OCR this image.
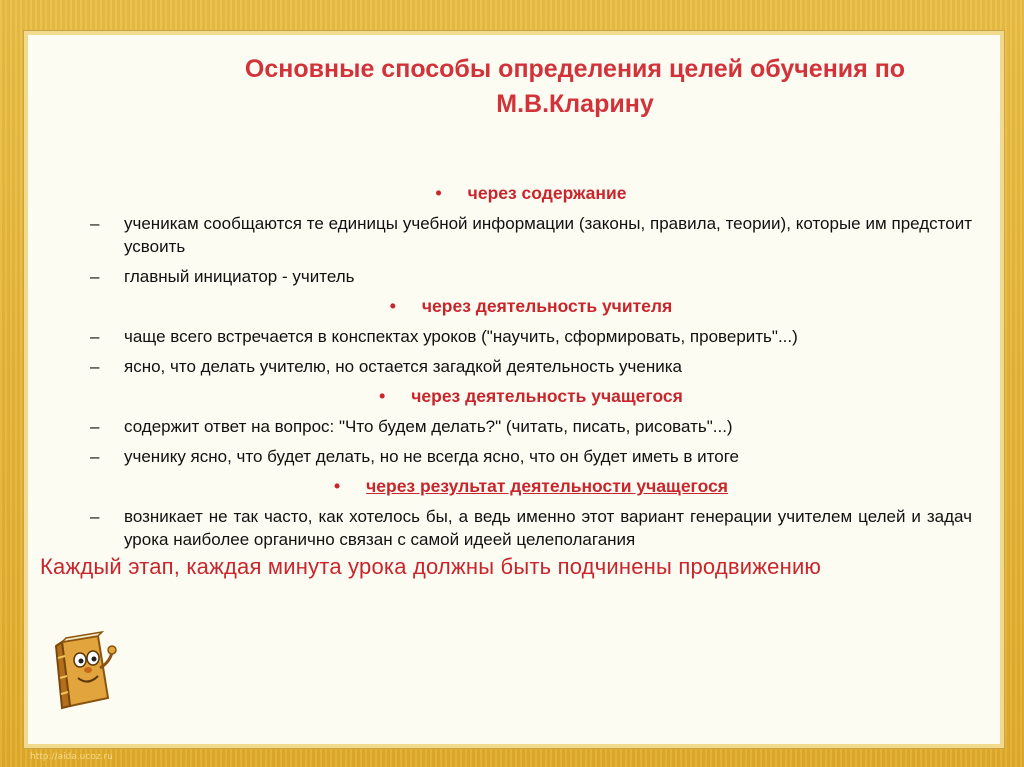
Основные способы определения целей обучения по М.В.Кларину
• через содержание
–	ученикам сообщаются те единицы учебной информации (законы, правила, теории), которые им предстоит усвоить
–	главный инициатор - учитель
• через деятельность учителя
–	чаще всего встречается в конспектах уроков ("научить, сформировать, проверить"...)
–	ясно, что делать учителю, но остается загадкой деятельность ученика
• через деятельность учащегося
–	содержит ответ на вопрос: "Что будем делать?" (читать, писать, рисовать"...)
–	ученику ясно, что будет делать, но не всегда ясно, что он будет иметь в итоге
• через результат деятельности учащегося
–	возникает не так часто, как хотелось бы, а ведь именно этот вариант генерации учителем целей и задач урока наиболее органично связан с самой идеей целеполагания
Каждый этап, каждая минута урока должны быть подчинены продвижению
http://aida.ucoz.ru
